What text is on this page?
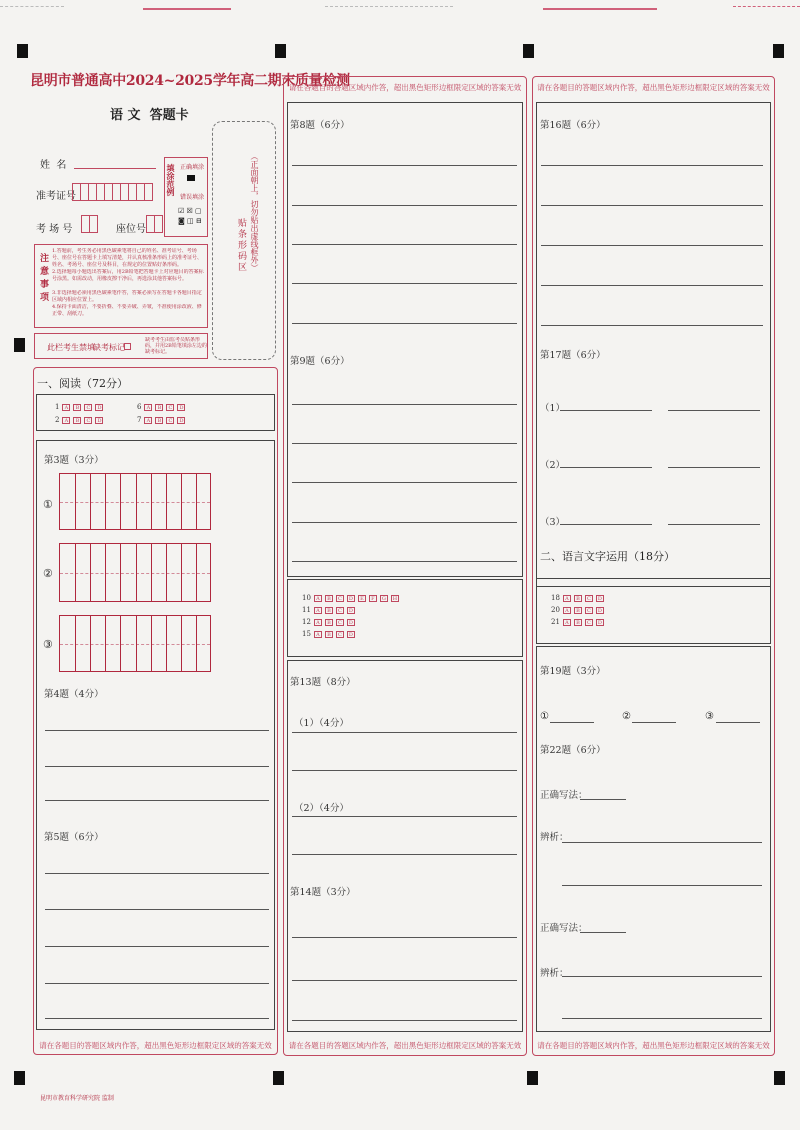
昆明市普通高中2024~2025学年高二期末质量检测
语 文  答题卡
姓  名
准考证号
考 场 号	座位号
填涂范例 正确填涂
错误填涂
☑ ☒ ▢
◙ ◫ ⊟
注意事项
1.答题前，考生务必用黑色碳素笔将自己的姓名、准考证号、考场号、座位号在答题卡上填写清楚，并认真核准条形码上的准考证号、姓名、考场号、座位号及科目，在规定的位置贴好条形码。
2.选择题每小题选出答案后，用2B铅笔把答题卡上对应题目的答案标号涂黑。如需改动，用橡皮擦干净后，再选涂其他答案标号。
3.非选择题必须用黑色碳素笔作答，答案必须写在答题卡各题目指定区域内相应位置上。
4.保持卡面清洁，不要折叠、不要弄破、弄皱，不准使用涂改液、修正带、刮纸刀。
贴条形码区 （正面朝上，切勿贴出虚线框外）
此栏考生禁填
缺考标记
缺考考生由监考员贴条形码，并用2B铅笔填涂左边的缺考标记。
一、阅读（72分）
1	A	B	C	D
2	A	B	C	D
6	A	B	C	D
7	A	B	C	D
第3题（3分）
①
②
③
第4题（4分）
第5题（6分）
请在各题目的答题区域内作答，超出黑色矩形边框限定区域的答案无效
昆明市教育科学研究院 监制
请在各题目的答题区域内作答，超出黑色矩形边框限定区域的答案无效
第8题（6分）
第9题（6分）
10	A	B	C	D	E	F	G	H
11	A	B	C	D
12	A	B	C	D
15	A	B	C	D
第13题（8分）
（1）（4分）
（2）（4分）
第14题（3分）
请在各题目的答题区域内作答，超出黑色矩形边框限定区域的答案无效
请在各题目的答题区域内作答，超出黑色矩形边框限定区域的答案无效
第16题（6分）
第17题（6分）
（1）
（2）
（3）
二、语言文字运用（18分）
18	A	B	C	D
20	A	B	C	D
21	A	B	C	D
第19题（3分）
①	②	③
第22题（6分）
正确写法：
辨析：
正确写法：
辨析：
请在各题目的答题区域内作答，超出黑色矩形边框限定区域的答案无效
